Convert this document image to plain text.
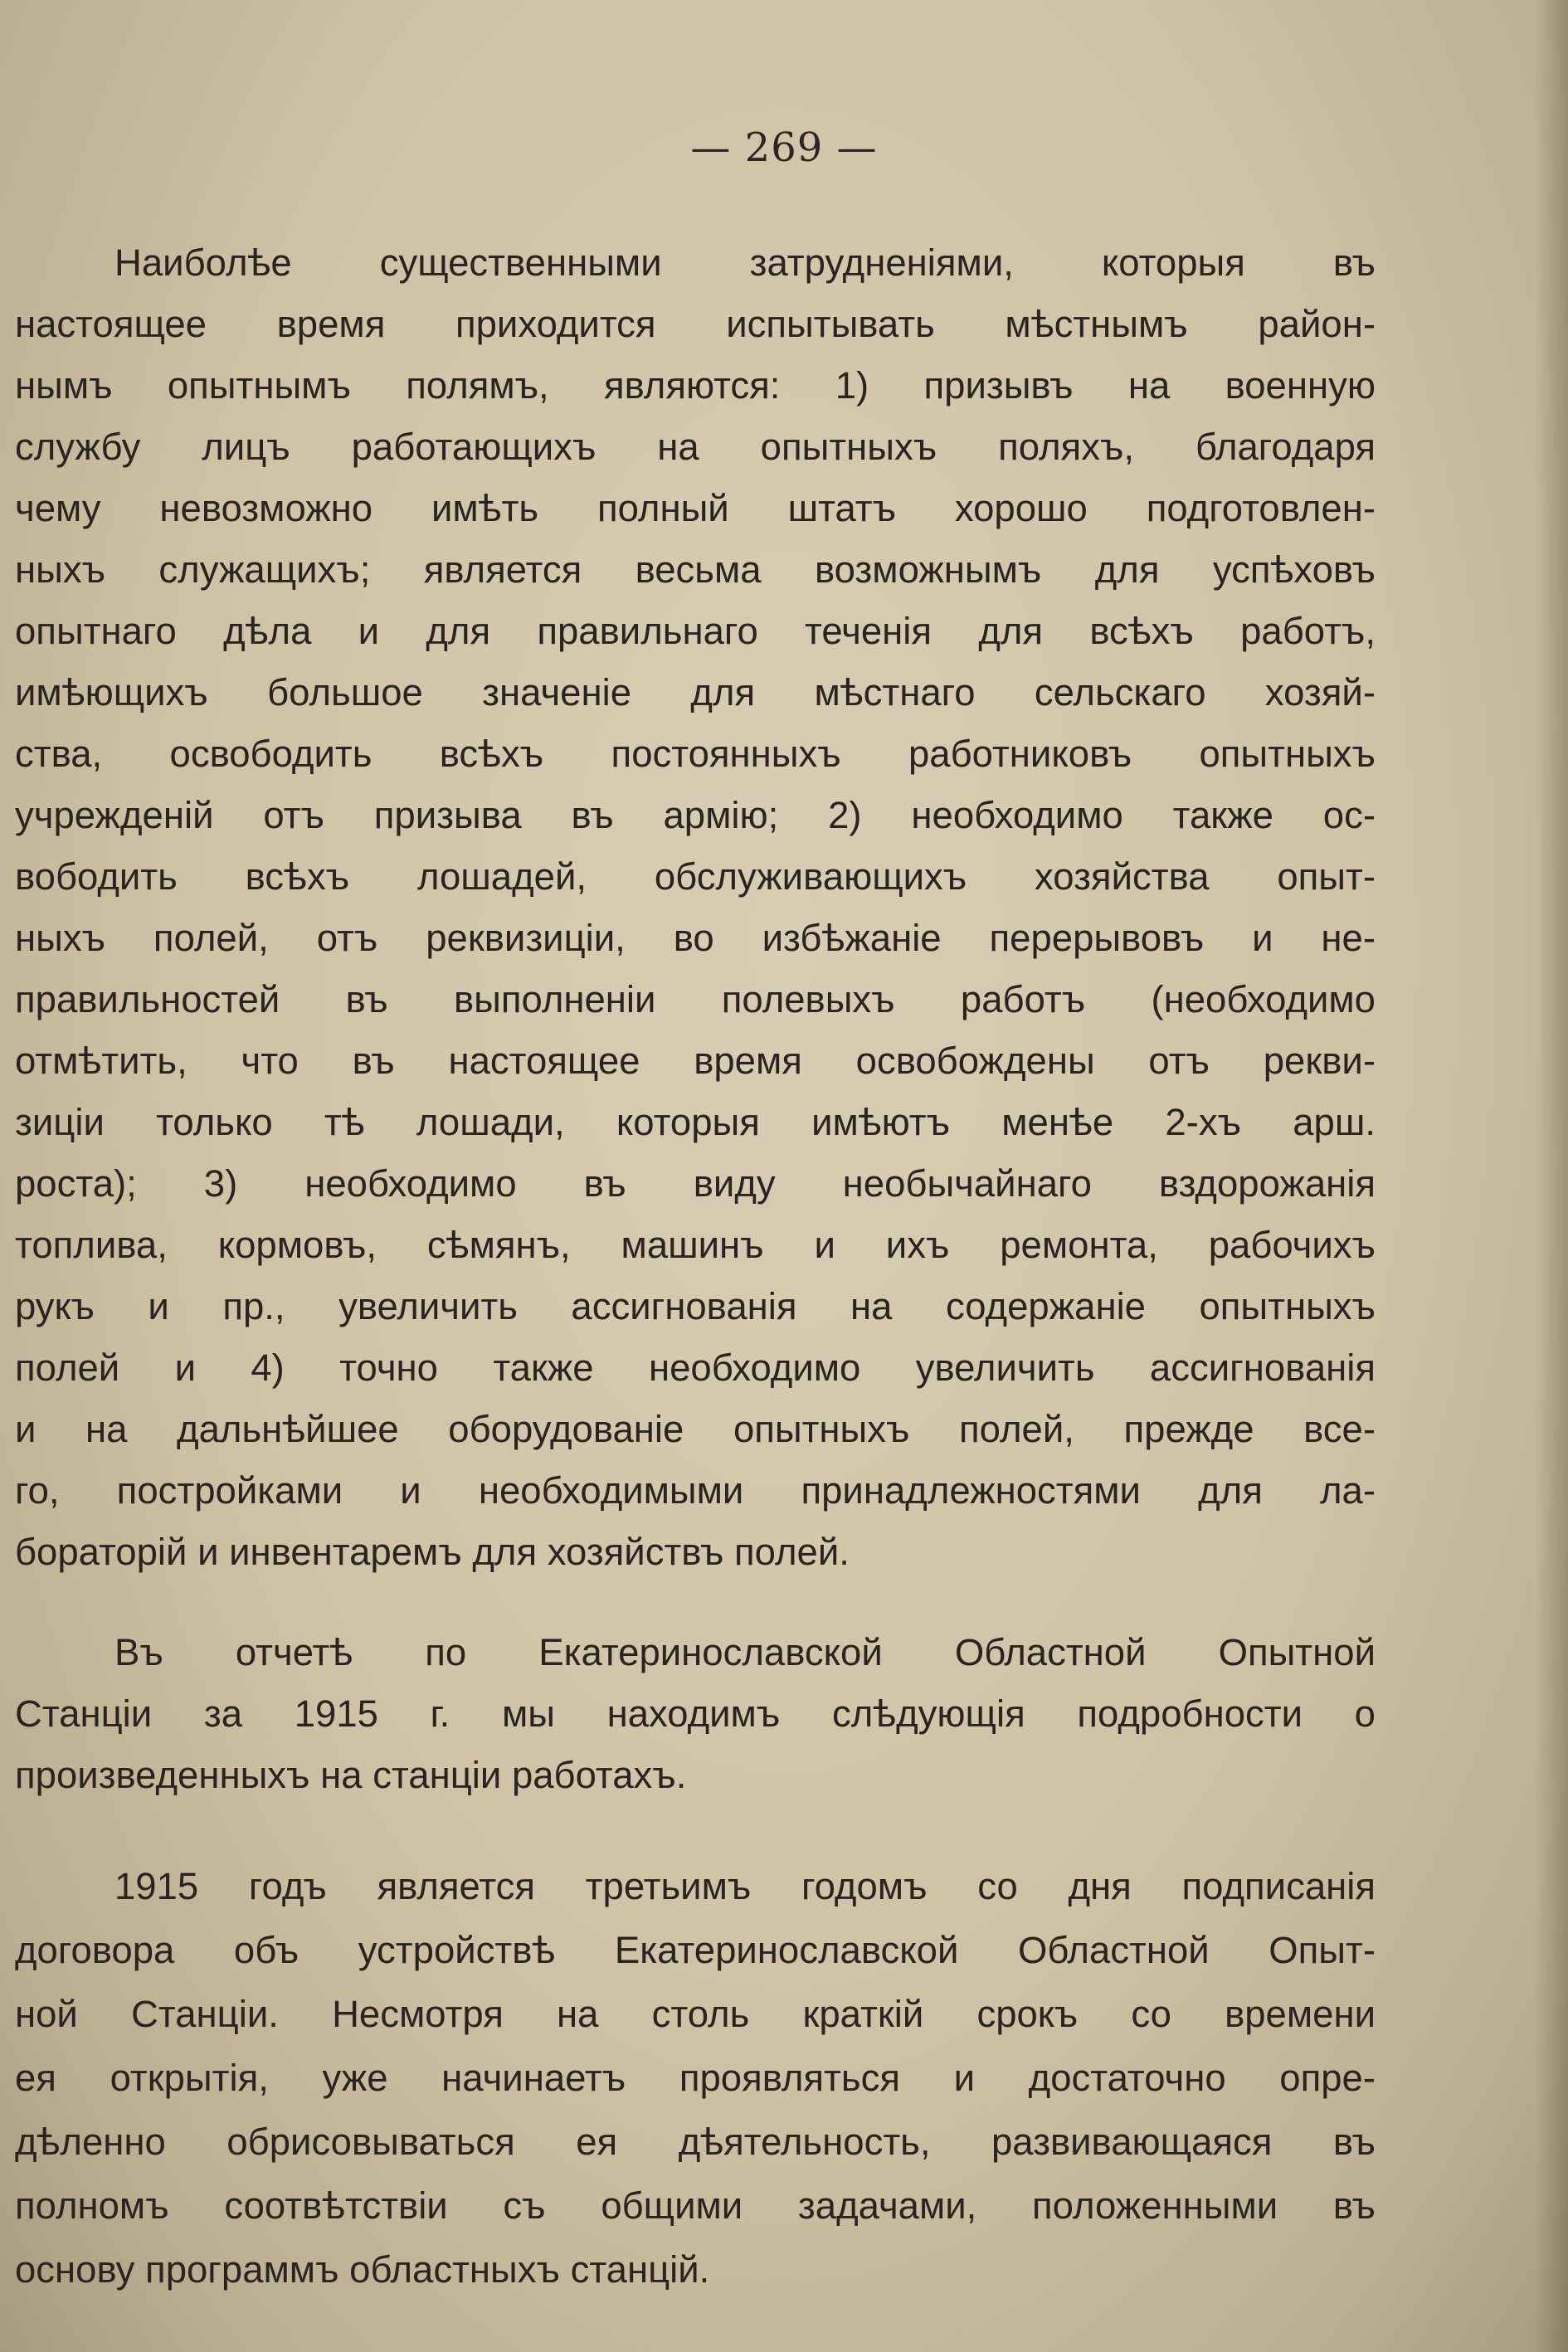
— 269 —
Наиболѣе существенными затрудненіями, которыя въ
настоящее время приходится испытывать мѣстнымъ район-
нымъ опытнымъ полямъ, являются: 1) призывъ на военную
службу лицъ работающихъ на опытныхъ поляхъ, благодаря
чему невозможно имѣть полный штатъ хорошо подготовлен-
ныхъ служащихъ; является весьма возможнымъ для успѣховъ
опытнаго дѣла и для правильнаго теченія для всѣхъ работъ,
имѣющихъ большое значеніе для мѣстнаго сельскаго хозяй-
ства, освободить всѣхъ постоянныхъ работниковъ опытныхъ
учрежденій отъ призыва въ армію; 2) необходимо также ос-
вободить всѣхъ лошадей, обслуживающихъ хозяйства опыт-
ныхъ полей, отъ реквизиціи, во избѣжаніе перерывовъ и не-
правильностей въ выполненіи полевыхъ работъ (необходимо
отмѣтить, что въ настоящее время освобождены отъ рекви-
зиціи только тѣ лошади, которыя имѣютъ менѣе 2-хъ арш.
роста); 3) необходимо въ виду необычайнаго вздорожанія
топлива, кормовъ, сѣмянъ, машинъ и ихъ ремонта, рабочихъ
рукъ и пр., увеличить ассигнованія на содержаніе опытныхъ
полей и 4) точно также необходимо увеличить ассигнованія
и на дальнѣйшее оборудованіе опытныхъ полей, прежде все-
го, постройками и необходимыми принадлежностями для ла-
бораторій и инвентаремъ для хозяйствъ полей.
Въ отчетѣ по Екатеринославской Областной Опытной
Станціи за 1915 г. мы находимъ слѣдующія подробности о
произведенныхъ на станціи работахъ.
1915 годъ является третьимъ годомъ со дня подписанія
договора объ устройствѣ Екатеринославской Областной Опыт-
ной Станціи. Несмотря на столь краткій срокъ со времени
ея открытія, уже начинаетъ проявляться и достаточно опре-
дѣленно обрисовываться ея дѣятельность, развивающаяся въ
полномъ соотвѣтствіи съ общими задачами, положенными въ
основу программъ областныхъ станцій.
